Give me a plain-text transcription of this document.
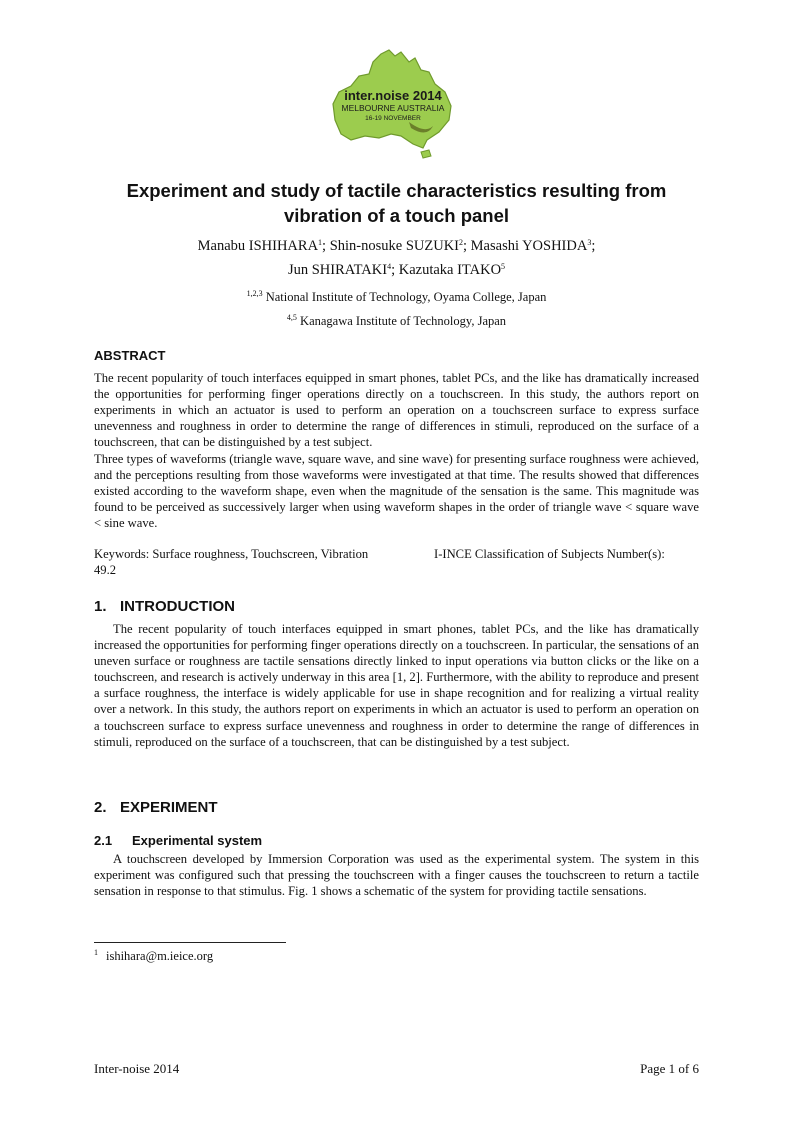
inter.noise 2014
MELBOURNE AUSTRALIA
16-19 NOVEMBER
Experiment and study of tactile characteristics resulting from
vibration of a touch panel
Manabu ISHIHARA$^1$; Shin-nosuke SUZUKI$^2$; Masashi YOSHIDA$^3$;
Jun SHIRATAKI$^4$; Kazutaka ITAKO$^5$
$^{1,2,3}$ National Institute of Technology, Oyama College, Japan
$^{4,5}$ Kanagawa Institute of Technology, Japan
ABSTRACT

The recent popularity of touch interfaces equipped in smart phones, tablet PCs, and the like has dramatically increased the opportunities for performing finger operations directly on a touchscreen. In this study, the authors report on experiments in which an actuator is used to perform an operation on a touchscreen surface to express surface unevenness and roughness in order to determine the range of differences in stimuli, reproduced on the surface of a touchscreen, that can be distinguished by a test subject.

Three types of waveforms (triangle wave, square wave, and sine wave) for presenting surface roughness were achieved, and the perceptions resulting from those waveforms were investigated at that time. The results showed that differences existed according to the waveform shape, even when the magnitude of the sensation is the same. This magnitude was found to be perceived as successively larger when using waveform shapes in the order of triangle wave < square wave < sine wave.

Keywords: Surface roughness, Touchscreen, Vibration	I-INCE Classification of Subjects Number(s):
49.2
1. INTRODUCTION

The recent popularity of touch interfaces equipped in smart phones, tablet PCs, and the like has dramatically increased the opportunities for performing finger operations directly on a touchscreen. In particular, the sensations of an uneven surface or roughness are tactile sensations directly linked to input operations via button clicks or the like on a touchscreen, and research is actively underway in this area [1, 2]. Furthermore, with the ability to reproduce and present a surface roughness, the interface is widely applicable for use in shape recognition and for realizing a virtual reality over a network. In this study, the authors report on experiments in which an actuator is used to perform an operation on a touchscreen surface to express surface unevenness and roughness in order to determine the range of differences in stimuli, reproduced on the surface of a touchscreen, that can be distinguished by a test subject.

2. EXPERIMENT
2.1 Experimental system

A touchscreen developed by Immersion Corporation was used as the experimental system. The system in this experiment was configured such that pressing the touchscreen with a finger causes the touchscreen to return a tactile sensation in response to that stimulus. Fig. 1 shows a schematic of the system for providing tactile sensations.

$^1$ ishihara@m.ieice.org
Inter-noise 2014	Page 1 of 6
